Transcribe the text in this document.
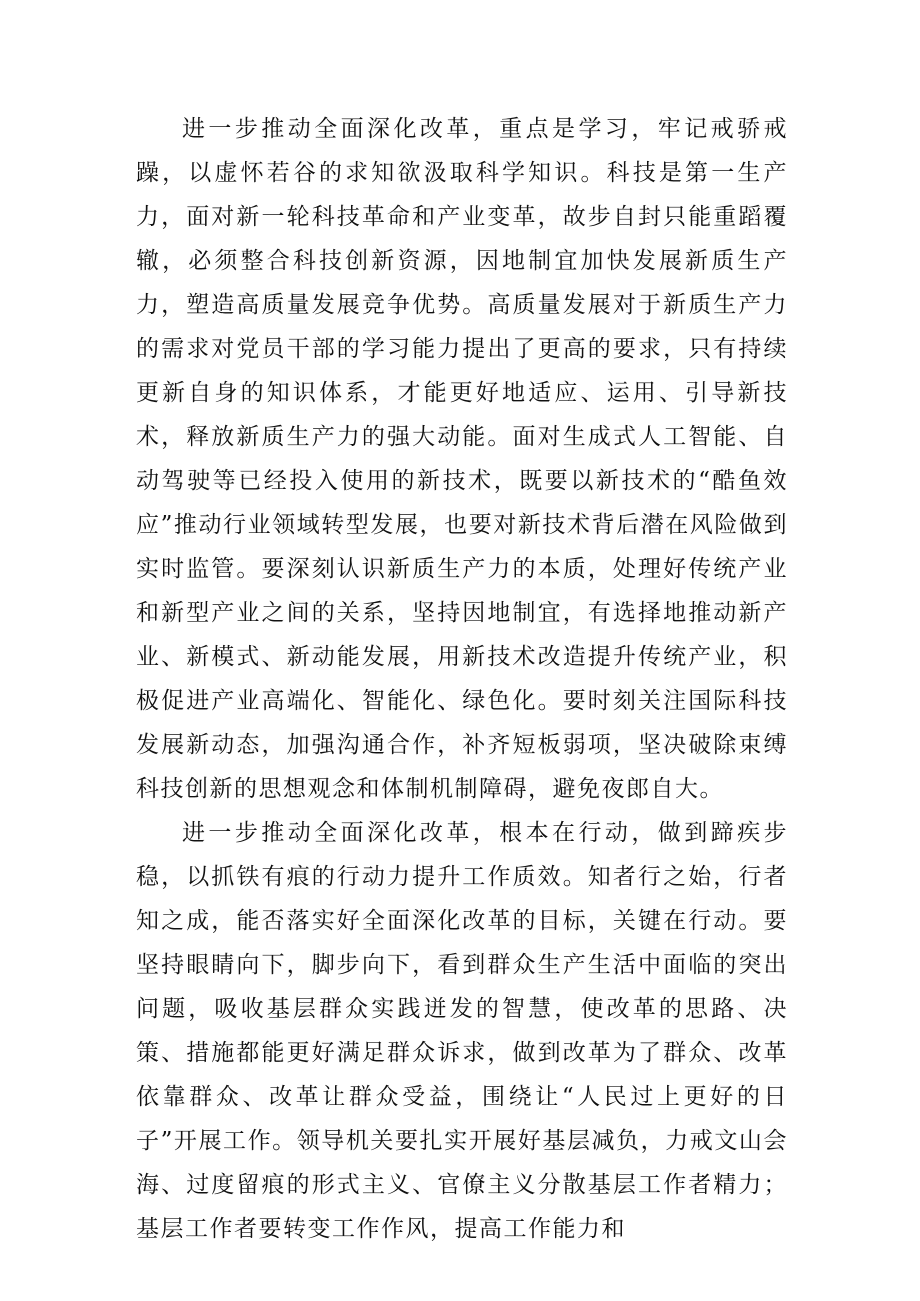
进一步推动全面深化改革，重点是学习，牢记戒骄戒躁，以虚怀若谷的求知欲汲取科学知识。科技是第一生产力，面对新一轮科技革命和产业变革，故步自封只能重蹈覆辙，必须整合科技创新资源，因地制宜加快发展新质生产力，塑造高质量发展竞争优势。高质量发展对于新质生产力的需求对党员干部的学习能力提出了更高的要求，只有持续更新自身的知识体系，才能更好地适应、运用、引导新技术，释放新质生产力的强大动能。面对生成式人工智能、自动驾驶等已经投入使用的新技术，既要以新技术的“酷鱼效应”推动行业领域转型发展，也要对新技术背后潜在风险做到实时监管。要深刻认识新质生产力的本质，处理好传统产业和新型产业之间的关系，坚持因地制宜，有选择地推动新产业、新模式、新动能发展，用新技术改造提升传统产业，积极促进产业高端化、智能化、绿色化。要时刻关注国际科技发展新动态，加强沟通合作，补齐短板弱项，坚决破除束缚科技创新的思想观念和体制机制障碍，避免夜郎自大。

进一步推动全面深化改革，根本在行动，做到蹄疾步稳，以抓铁有痕的行动力提升工作质效。知者行之始，行者知之成，能否落实好全面深化改革的目标，关键在行动。要坚持眼睛向下，脚步向下，看到群众生产生活中面临的突出问题，吸收基层群众实践迸发的智慧，使改革的思路、决策、措施都能更好满足群众诉求，做到改革为了群众、改革依靠群众、改革让群众受益，围绕让“人民过上更好的日子”开展工作。领导机关要扎实开展好基层减负，力戒文山会海、过度留痕的形式主义、官僚主义分散基层工作者精力；基层工作者要转变工作作风，提高工作能力和
